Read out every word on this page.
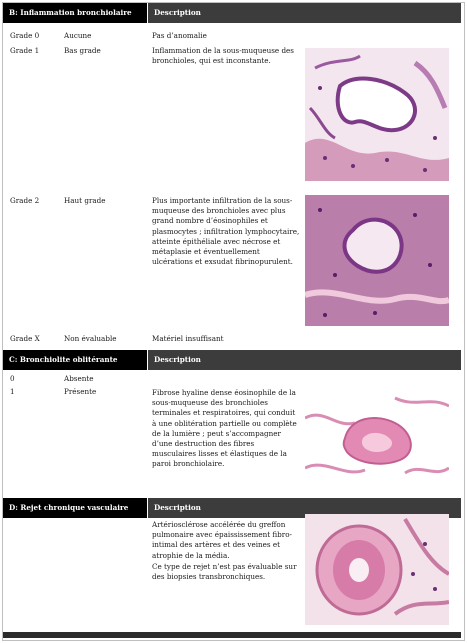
B: Inflammation bronchiolaire	Description
Grade 0	Aucune	Pas d’anomalie
Grade 1	Bas grade	Inflammation de la sous-muqueuse des bronchioles, qui est inconstante.
Grade 2	Haut grade	Plus importante infiltration de la sous-muqueuse des bronchioles avec plus grand nombre d’éosinophiles et plasmocytes ; infiltration lymphocytaire, atteinte épithéliale avec nécrose et métaplasie et éventuellement ulcérations et exsudat fibrinopurulent.
Grade X	Non évaluable	Matériel insuffisant
C: Bronchiolite oblitérante	Description
0	Absente
1	Présente	Fibrose hyaline dense éosinophile de la sous-muqueuse des bronchioles terminales et respiratoires, qui conduit à une oblitération partielle ou complète de la lumière ; peut s’accompagner d’une destruction des fibres musculaires lisses et élastiques de la paroi bronchiolaire.
D: Rejet chronique vasculaire	Description
Artériosclérose accélérée du greffon pulmonaire avec épaississement fibro-intimal des artères et des veines et atrophie de la média.
Ce type de rejet n’est pas évaluable sur des biopsies transbronchiques.
